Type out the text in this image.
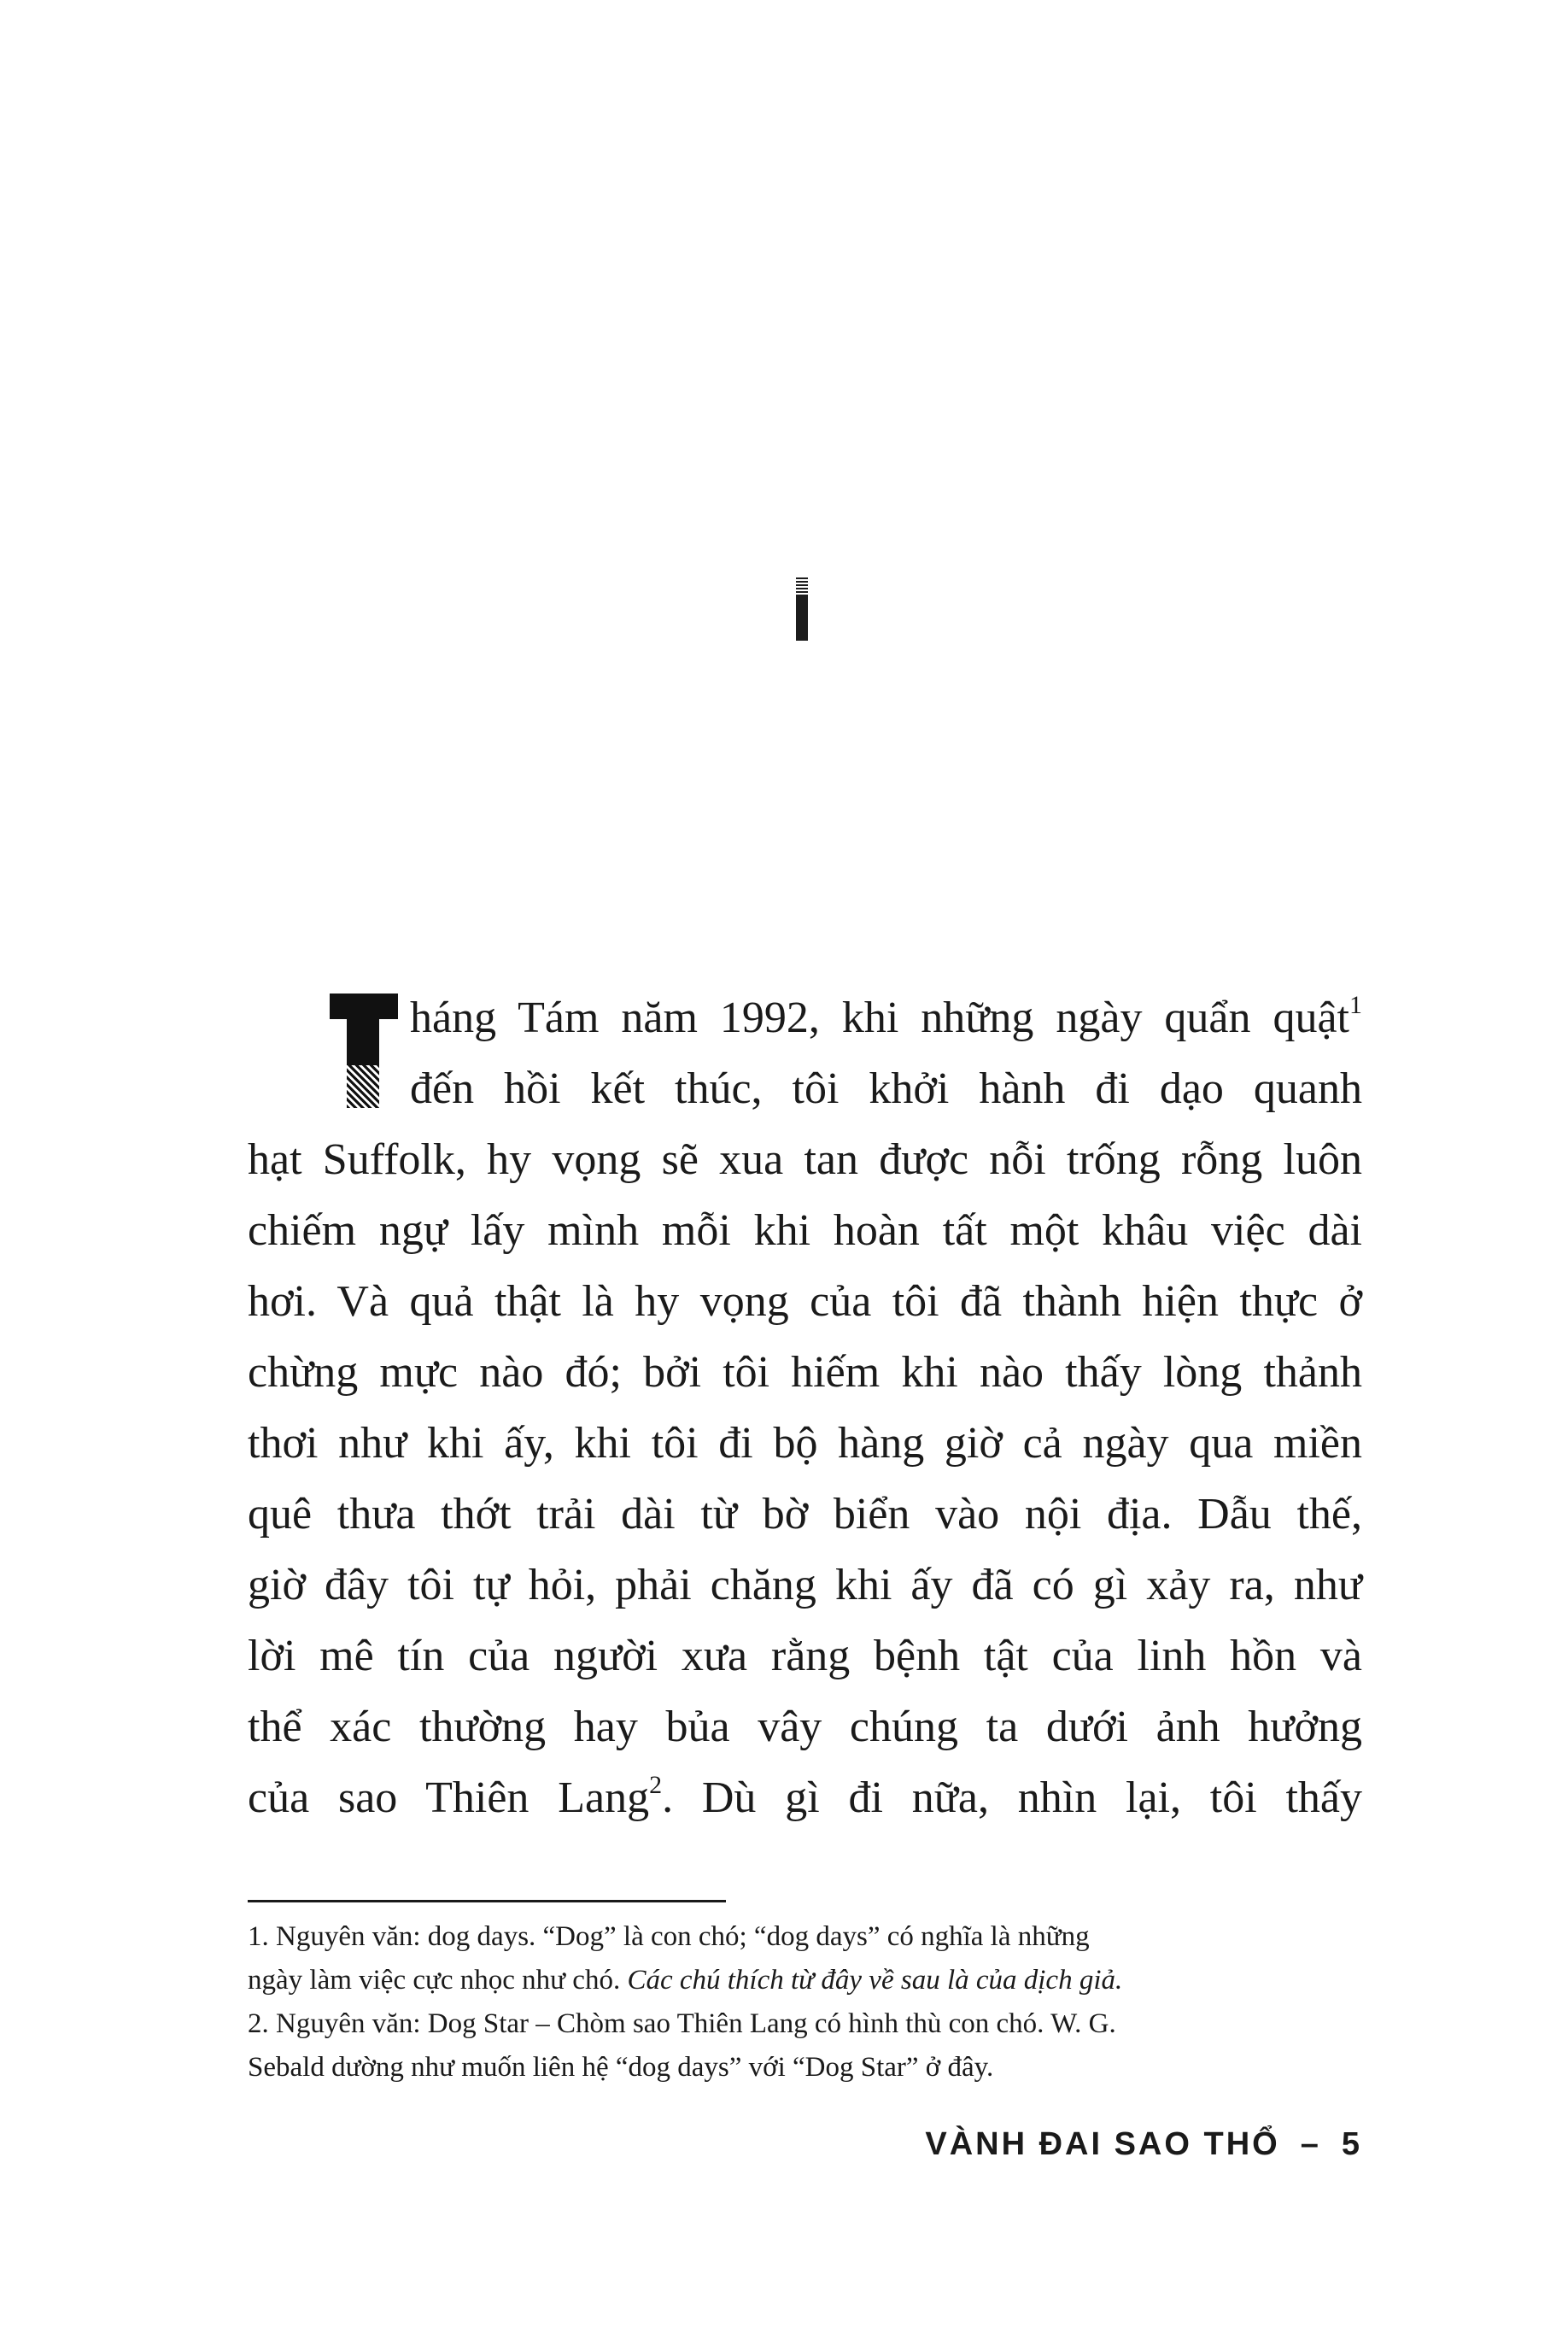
háng Tám năm 1992, khi những ngày quẩn quật$^1$
đến hồi kết thúc, tôi khởi hành đi dạo quanh
hạt Suffolk, hy vọng sẽ xua tan được nỗi trống rỗng luôn
chiếm ngự lấy mình mỗi khi hoàn tất một khâu việc dài
hơi. Và quả thật là hy vọng của tôi đã thành hiện thực ở
chừng mực nào đó; bởi tôi hiếm khi nào thấy lòng thảnh
thơi như khi ấy, khi tôi đi bộ hàng giờ cả ngày qua miền
quê thưa thớt trải dài từ bờ biển vào nội địa. Dẫu thế,
giờ đây tôi tự hỏi, phải chăng khi ấy đã có gì xảy ra, như
lời mê tín của người xưa rằng bệnh tật của linh hồn và
thể xác thường hay bủa vây chúng ta dưới ảnh hưởng
của sao Thiên Lang$^2$. Dù gì đi nữa, nhìn lại, tôi thấy
1. Nguyên văn: dog days. “Dog” là con chó; “dog days” có nghĩa là những
ngày làm việc cực nhọc như chó. Các chú thích từ đây về sau là của dịch giả.
2. Nguyên văn: Dog Star – Chòm sao Thiên Lang có hình thù con chó. W. G.
Sebald dường như muốn liên hệ “dog days” với “Dog Star” ở đây.
VÀNH ĐAI SAO THỔ – 5
